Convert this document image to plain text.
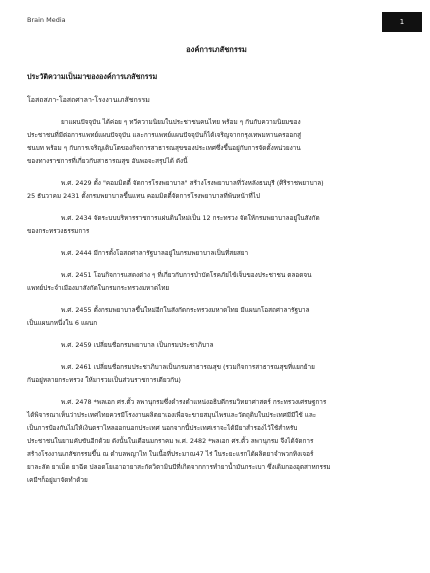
Brain Media	1
องค์การเภสัชกรรม
ประวัติความเป็นมาขององค์การเภสัชกรรม
โอสถสภา-โอสถศาลา-โรงงานเภสัชกรรม

ยาแผนปัจจุบัน ได้ค่อย ๆ ทวีความนิยมในประชาชนคนไทย พร้อม ๆ กันกับความนิยมของ
ประชาชนที่มีต่อการแพทย์แผนปัจจุบัน และการแพทย์แผนปัจจุบันก็ได้เจริญจากกรุงเทพมหานครออกสู่
ชนบท พร้อม ๆ กับการเจริญเติบโตของกิจการสาธารณสุขของประเทศซึ่งขึ้นอยู่กับการจัดตั้งหน่วยงาน
ของทางราชการที่เกี่ยวกับสาธารณสุข อันพอจะสรุปได้ ดังนี้

พ.ศ. 2429 ตั้ง "คอมมิตตี้ จัดการโรงพยาบาล" สร้างโรงพยาบาลที่วังหลังธนบุรี (ศิริราชพยาบาล)
25 ธันวาคม 2431 ตั้งกรมพยาบาลขึ้นแทน คอมมิตตี้จัดการโรงพยาบาลที่พ้นหน้าที่ไป

พ.ศ. 2434 จัดระบบบริหารราชการแผ่นดินใหม่เป็น 12 กระทรวง จัดให้กรมพยาบาลอยู่ในสังกัด
ของกระทรวงธรรมการ

พ.ศ. 2444 มีการตั้งโอสถศาลารัฐบาลอยู่ในกรมพยาบาลเป็นที่สยสยา

พ.ศ. 2451 โอนกิจการแสดงต่าง ๆ ที่เกี่ยวกับการบำบัดโรคภัยไข้เจ็บของประชาชน ตลอดจน
แพทย์ประจำเมืองมาสังกัดในกรมกระทรวงมหาดไทย

พ.ศ. 2455 ตั้งกรมพยาบาลขึ้นใหม่อีกในสังกัดกระทรวงมหาดไทย มีแผนกโอสถศาลารัฐบาล
เป็นแผนกหนึ่งใน 6 แผนก

พ.ศ. 2459 เปลี่ยนชื่อกรมพยาบาล เป็นกรมประชาภิบาล

พ.ศ. 2461 เปลี่ยนชื่อกรมประชาภิบาลเป็นกรมสาธารณสุข (รวมกิจการสาธารณสุขที่แยกย้าย
กันอยู่หลายกระทรวง ให้มารวมเป็นส่วนราชการเดียวกัน)

พ.ศ. 2478 *พลเอก ศร.ตั้ว ลพานุกรมซึ่งดำรงตำแหน่งอธิบดีกรมวิทยาศาสตร์ กระทรวงเศรษฐการ
ได้พิจารณาเห็นว่าประเทศไทยควรมีโรงงานผลิตยาเองเพื่อจะขายสมุนไพรและวัตถุดิบในประเทศมีมีใช้ และ
เป็นการป้องกันไม่ให้เงินตราไหลออกนอกประเทศ นอกจากนี้ประเทศเราจะได้มียาสำรองไว้ใช้สำหรับ
ประชาชนในยามคับขันอีกด้วย ดังนั้นในเดือนมกราคม พ.ศ. 2482 *พลเอก ศร.ตั้ว ลพานุกรม จึงได้จัดการ
สร้างโรงงานเภสัชกรรมขึ้น ณ ตำบลพญาไท ในเนื้อที่ประมาณ47 ไร่ ในระยะแรกได้ผลิตยาจำพวกทิงเจอร์
ยาละลัด ยาเม็ด ยาฉีด ปลอดโยเอาอายาสะกัดวิตามินบีที่เกิดจากการทำยาน้ำมันกระเบา ซึ่งเดิมกองอุตสาหกรรม
เคมีฯก็อยู่มาจัดทำด้วย
